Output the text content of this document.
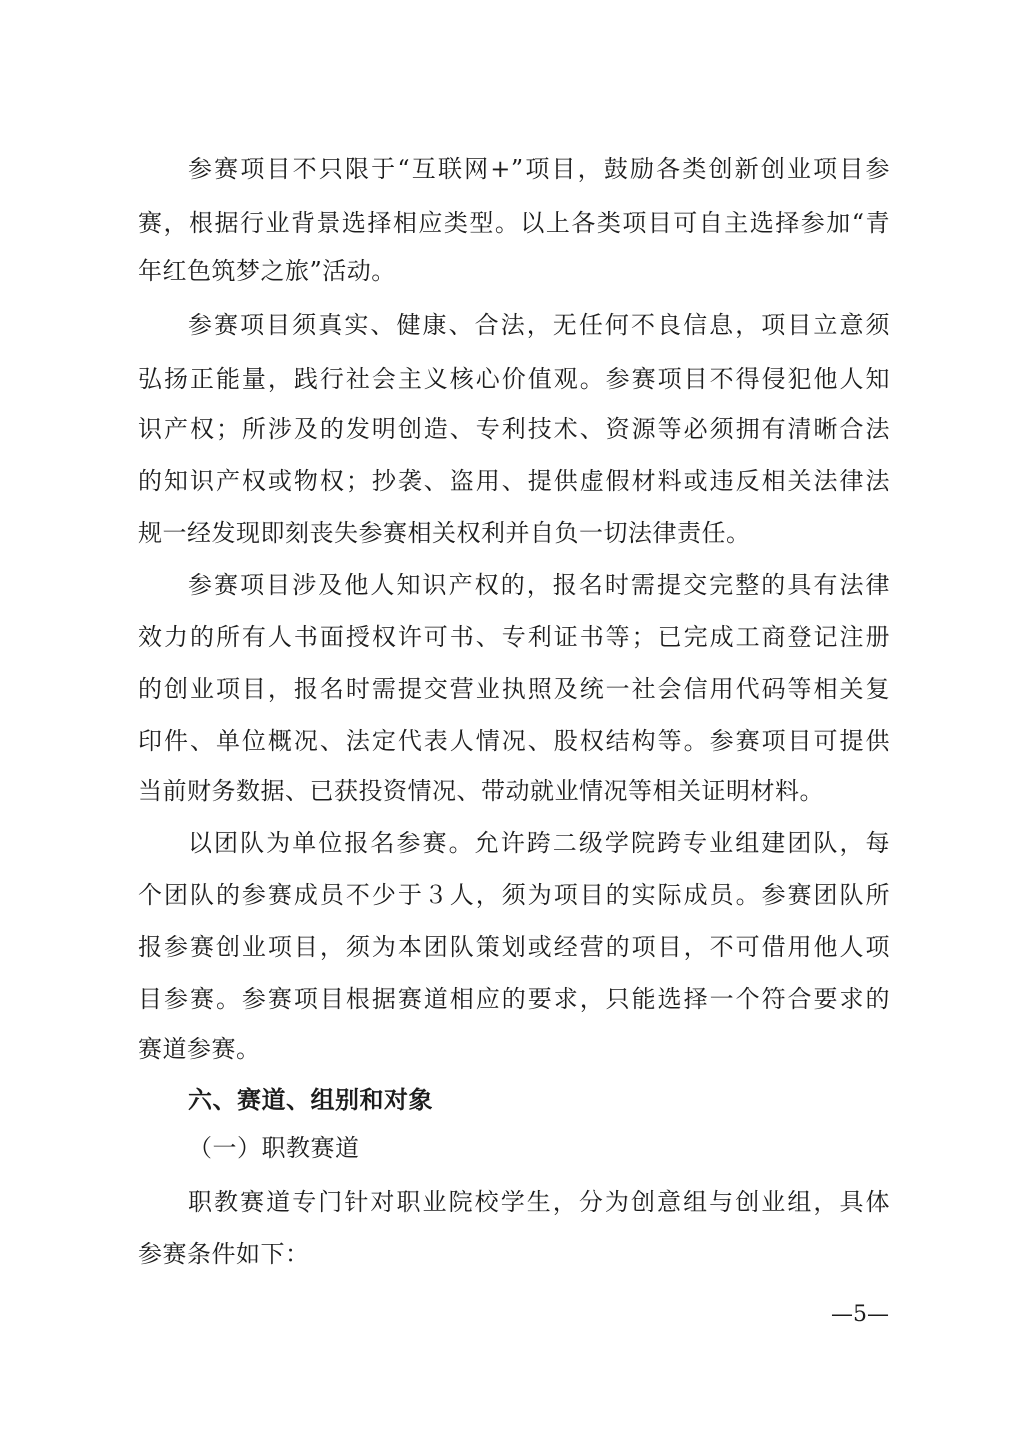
参赛项目不只限于“互联网+”项目，鼓励各类创新创业项目参
赛，根据行业背景选择相应类型。以上各类项目可自主选择参加“青
年红色筑梦之旅”活动。
参赛项目须真实、健康、合法，无任何不良信息，项目立意须
弘扬正能量，践行社会主义核心价值观。参赛项目不得侵犯他人知
识产权；所涉及的发明创造、专利技术、资源等必须拥有清晰合法
的知识产权或物权；抄袭、盗用、提供虚假材料或违反相关法律法
规一经发现即刻丧失参赛相关权利并自负一切法律责任。
参赛项目涉及他人知识产权的，报名时需提交完整的具有法律
效力的所有人书面授权许可书、专利证书等；已完成工商登记注册
的创业项目，报名时需提交营业执照及统一社会信用代码等相关复
印件、单位概况、法定代表人情况、股权结构等。参赛项目可提供
当前财务数据、已获投资情况、带动就业情况等相关证明材料。
以团队为单位报名参赛。允许跨二级学院跨专业组建团队，每
个团队的参赛成员不少于３人，须为项目的实际成员。参赛团队所
报参赛创业项目，须为本团队策划或经营的项目，不可借用他人项
目参赛。参赛项目根据赛道相应的要求，只能选择一个符合要求的
赛道参赛。
六、赛道、组别和对象
（一）职教赛道
职教赛道专门针对职业院校学生，分为创意组与创业组，具体
参赛条件如下：
—5—
